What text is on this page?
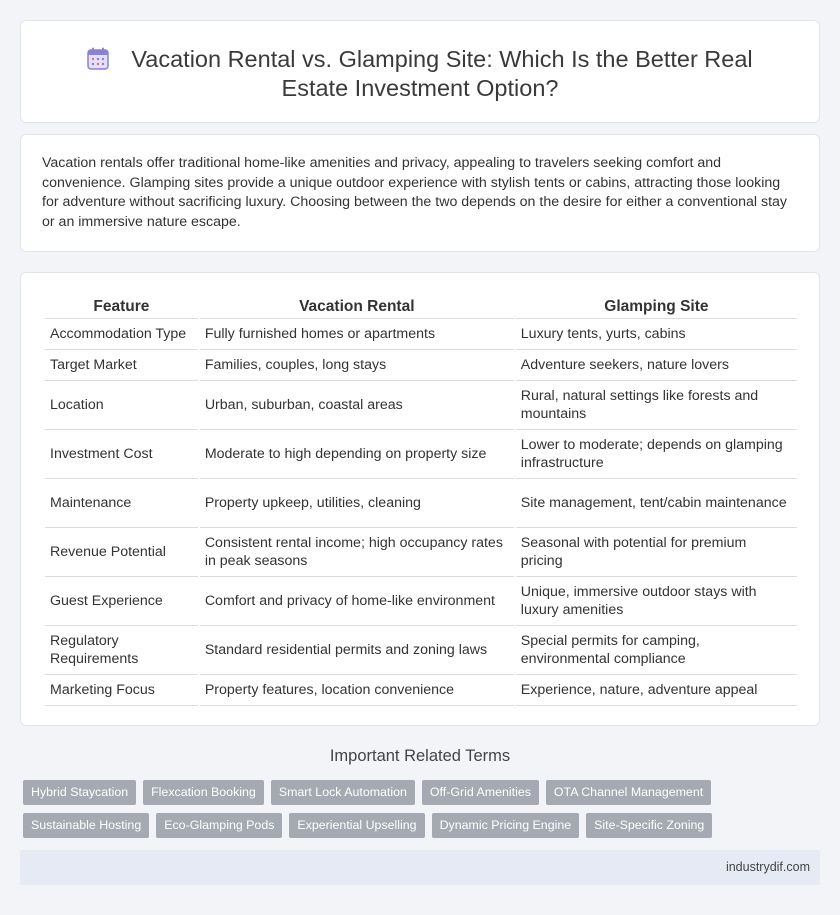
Vacation Rental vs. Glamping Site: Which Is the Better Real Estate Investment Option?

Vacation rentals offer traditional home-like amenities and privacy, appealing to travelers seeking comfort and convenience. Glamping sites provide a unique outdoor experience with stylish tents or cabins, attracting those looking for adventure without sacrificing luxury. Choosing between the two depends on the desire for either a conventional stay or an immersive nature escape.

Feature	Vacation Rental	Glamping Site
Accommodation Type	Fully furnished homes or apartments	Luxury tents, yurts, cabins
Target Market	Families, couples, long stays	Adventure seekers, nature lovers
Location	Urban, suburban, coastal areas	Rural, natural settings like forests and mountains
Investment Cost	Moderate to high depending on property size	Lower to moderate; depends on glamping infrastructure
Maintenance	Property upkeep, utilities, cleaning	Site management, tent/cabin maintenance
Revenue Potential	Consistent rental income; high occupancy rates in peak seasons	Seasonal with potential for premium pricing
Guest Experience	Comfort and privacy of home-like environment	Unique, immersive outdoor stays with luxury amenities
Regulatory Requirements	Standard residential permits and zoning laws	Special permits for camping, environmental compliance
Marketing Focus	Property features, location convenience	Experience, nature, adventure appeal
Important Related Terms
Hybrid Staycation	Flexcation Booking	Smart Lock Automation	Off-Grid Amenities	OTA Channel Management
Sustainable Hosting	Eco-Glamping Pods	Experiential Upselling	Dynamic Pricing Engine	Site-Specific Zoning
industrydif.com
